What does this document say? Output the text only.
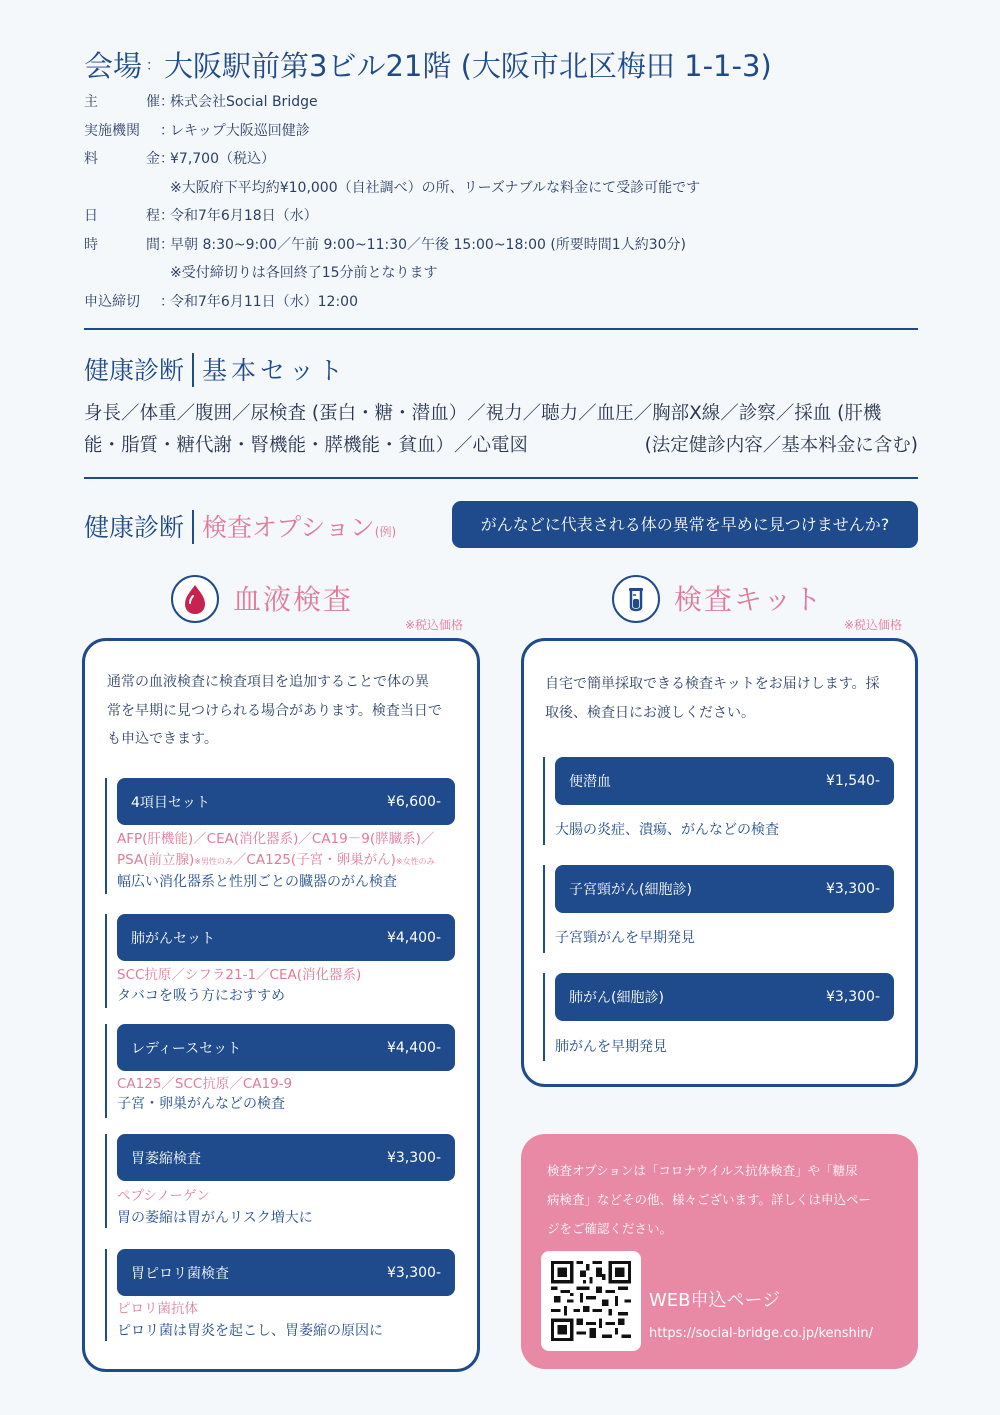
会場 ： 大阪駅前第3ビル21階 (大阪市北区梅田 1-1-3)
主	催 ：
株式会社Social Bridge
実施機関 ：
レキップ大阪巡回健診
料	金 ：
¥7,700（税込）
※大阪府下平均約¥10,000（自社調べ）の所、リーズナブルな料金にて受診可能です
日	程 ：
令和7年6月18日（水）
時	間 ：
早朝 8:30~9:00／午前 9:00~11:30／午後 15:00~18:00 (所要時間1人約30分)
※受付締切りは各回終了15分前となります
申込締切 ：
令和7年6月11日（水）12:00
健康診断 基本セット
身長／体重／腹囲／尿検査 (蛋白・糖・潜血）／視力／聴力／血圧／胸部X線／診察／採血 (肝機
能・脂質・糖代謝・腎機能・膵機能・貧血）／心電図	(法定健診内容／基本料金に含む)
健康診断 検査オプション(例)	がんなどに代表される体の異常を早めに見つけませんか?
血液検査
※税込価格
検査キット
※税込価格
通常の血液検査に検査項目を追加することで体の異
常を早期に見つけられる場合があります。検査当日で
も申込できます。
4項目セット	¥6,600-
AFP(肝機能)／CEA(消化器系)／CA19－9(膵臓系)／
PSA(前立腺)※男性のみ／CA125(子宮・卵巣がん)※女性のみ
幅広い消化器系と性別ごとの臓器のがん検査
肺がんセット	¥4,400-
SCC抗原／シフラ21-1／CEA(消化器系)
タバコを吸う方におすすめ
レディースセット	¥4,400-
CA125／SCC抗原／CA19-9
子宮・卵巣がんなどの検査
胃萎縮検査	¥3,300-
ペプシノーゲン
胃の萎縮は胃がんリスク増大に
胃ピロリ菌検査	¥3,300-
ピロリ菌抗体
ピロリ菌は胃炎を起こし、胃萎縮の原因に
自宅で簡単採取できる検査キットをお届けします。採
取後、検査日にお渡しください。
便潜血	¥1,540-
大腸の炎症、潰瘍、がんなどの検査
子宮頸がん(細胞診)	¥3,300-
子宮頸がんを早期発見
肺がん(細胞診)	¥3,300-
肺がんを早期発見
検査オプションは「コロナウイルス抗体検査」や「糖尿
病検査」などその他、様々ございます。詳しくは申込ペー
ジをご確認ください。
WEB申込ページ
https://social-bridge.co.jp/kenshin/
